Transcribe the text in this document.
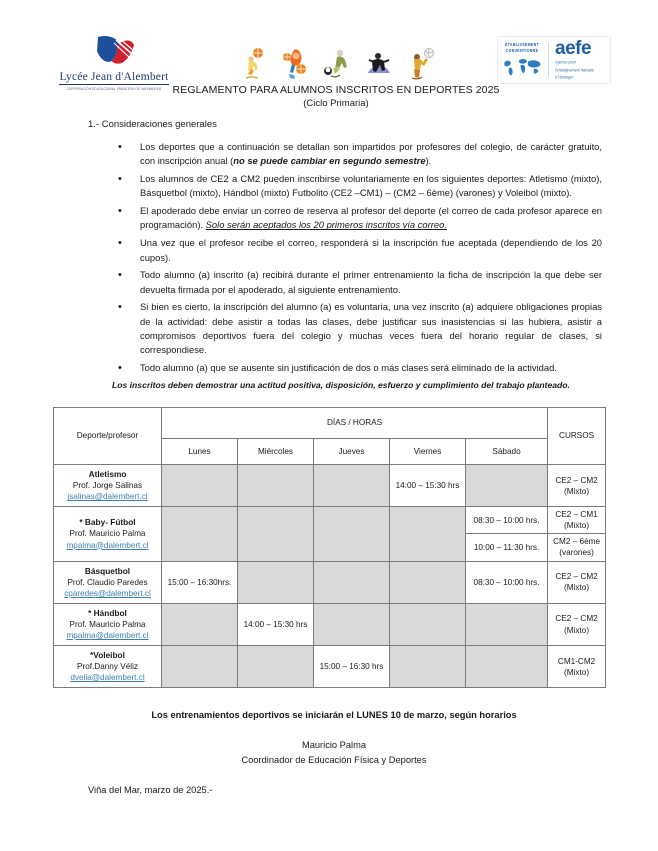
Lycée Jean d'Alembert
CORPORACIÓN EDUCACIONAL FRANCESA DE VALPARAÍSO
ÉTABLISSEMENT
CONVENTIONNÉ aefe
Agence pour
l'enseignement français
à l'étranger
REGLAMENTO PARA ALUMNOS INSCRITOS EN DEPORTES 2025
(Ciclo Primaria)
1.- Consideraciones generales
• Los deportes que a continuación se detallan son impartidos por profesores del colegio, de carácter gratuito, con inscripción anual (no se puede cambiar en segundo semestre).
• Los alumnos de CE2 a CM2 pueden inscribirse voluntariamente en los siguientes deportes: Atletismo (mixto), Básquetbol (mixto), Hándbol (mixto) Futbolito (CE2 –CM1) – (CM2 – 6ème) (varones) y Voleibol (mixto).
• El apoderado debe enviar un correo de reserva al profesor del deporte (el correo de cada profesor aparece en programación). Solo serán aceptados los 20 primeros inscritos vía correo.
• Una vez que el profesor recibe el correo, responderá si la inscripción fue aceptada (dependiendo de los 20 cupos).
• Todo alumno (a) inscrito (a) recibirá durante el primer entrenamiento la ficha de inscripción la que debe ser devuelta firmada por el apoderado, al siguiente entrenamiento.
• Si bien es cierto, la inscripción del alumno (a) es voluntaria, una vez inscrito (a) adquiere obligaciones propias de la actividad: debe asistir a todas las clases, debe justificar sus inasistencias si las hubiera, asistir a compromisos deportivos fuera del colegio y muchas veces fuera del horario regular de clases, si correspondiese.
• Todo alumno (a) que se ausente sin justificación de dos o más clases será eliminado de la actividad.
Los inscritos deben demostrar una actitud positiva, disposición, esfuerzo y cumplimiento del trabajo planteado.
Deporte/profesor	DÍAS / HORAS					CURSOS
	Lunes	Miércoles	Jueves	Viernes	Sábado	

Atletismo
Prof. Jorge Salinas
jsalinas@dalembert.cl				14:00 – 15:30 hrs		
CE2 – CM2
(Mixto)

* Baby- Fútbol
Prof. Mauricio Palma
mpalma@dalembert.cl					08:30 – 10:00 hrs.	
CE2 – CM1
(Mixto)

					10:00 – 11:30 hrs.	CM2 – 6ème
(varones)

Básquetbol
Prof. Claudio Paredes
cparedes@dalembert.cl	15:00 – 16:30hrs.				08:30 – 10:00 hrs.	
CE2 – CM2
(Mixto)

* Hándbol
Prof. Mauricio Palma
mpalma@dalembert.cl		14:00 – 15:30 hrs				
CE2 – CM2
(Mixto)

*Voleibol
Prof.Danny Véliz
dvelia@dalembert.cl			15:00 – 16:30 hrs			
CM1-CM2
(Mixto)
Los entrenamientos deportivos se iniciarán el LUNES 10 de marzo, según horarios
Mauricio Palma
Coordinador de Educación Física y Deportes
Viña del Mar, marzo de 2025.-
